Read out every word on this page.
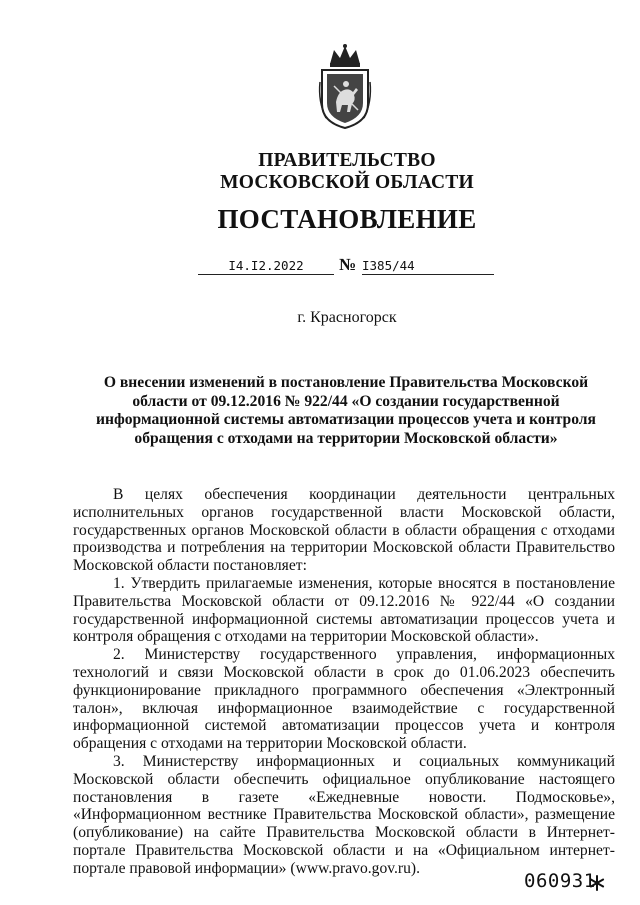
ПРАВИТЕЛЬСТВО
МОСКОВСКОЙ ОБЛАСТИ
ПОСТАНОВЛЕНИЕ
I4.I2.2022	№ I385/44
г. Красногорск
О внесении изменений в постановление Правительства Московской области от 09.12.2016 № 922/44 «О создании государственной информационной системы автоматизации процессов учета и контроля обращения с отходами на территории Московской области»

В целях обеспечения координации деятельности центральных исполнительных органов государственной власти Московской области, государственных органов Московской области в области обращения с отходами производства и потребления на территории Московской области Правительство Московской области постановляет:

1. Утвердить прилагаемые изменения, которые вносятся в постановление Правительства Московской области от 09.12.2016 № 922/44 «О создании государственной информационной системы автоматизации процессов учета и контроля обращения с отходами на территории Московской области».

2. Министерству государственного управления, информационных технологий и связи Московской области в срок до 01.06.2023 обеспечить функционирование прикладного программного обеспечения «Электронный талон», включая информационное взаимодействие с государственной информационной системой автоматизации процессов учета и контроля обращения с отходами на территории Московской области.

3. Министерству информационных и социальных коммуникаций Московской области обеспечить официальное опубликование настоящего постановления в газете «Ежедневные новости. Подмосковье», «Информационном вестнике Правительства Московской области», размещение (опубликование) на сайте Правительства Московской области в Интернет-портале Правительства Московской области и на «Официальном интернет-портале правовой информации» (www.pravo.gov.ru).

060931
